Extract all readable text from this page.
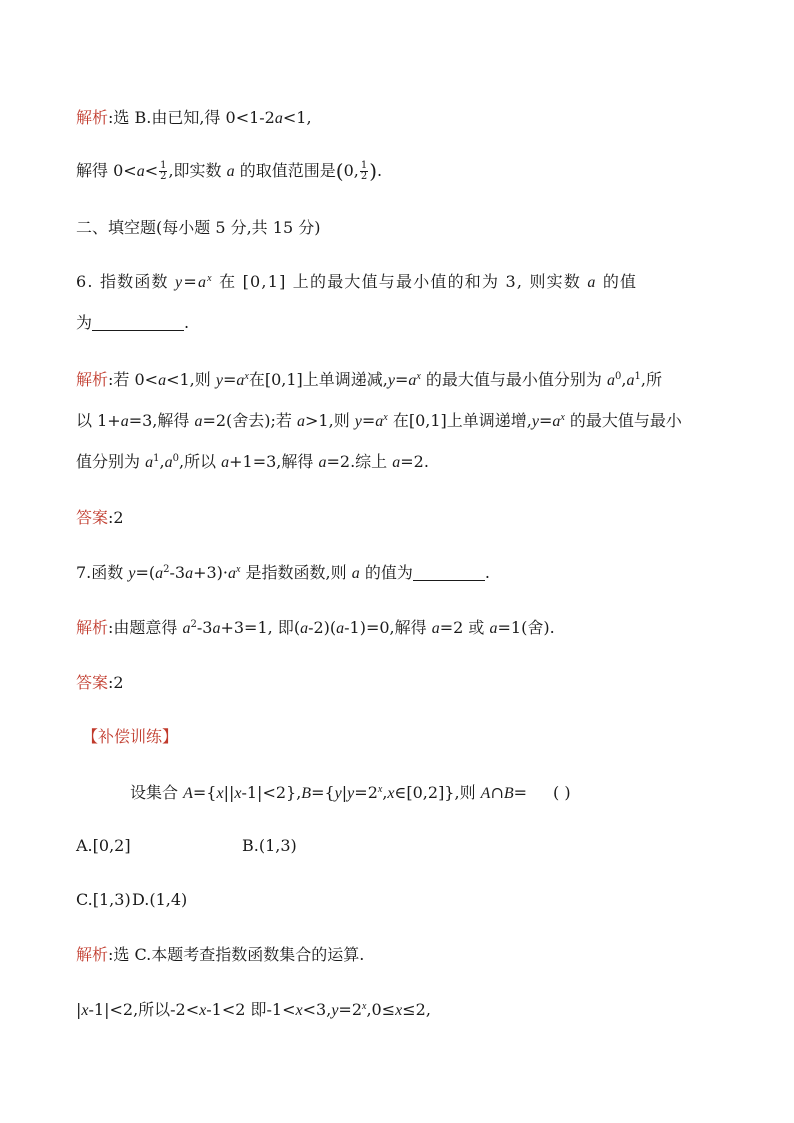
解析:选 B.由已知,得 0<1-2a<1,
解得 $0<a< \frac{1}{2}$ ,即实数 a 的取值范围是(0, $\frac{1}{2}$ ).
二、填空题(每小题 5 分,共 15 分)
6. 指数函数 $y=a^x$ 在 [0,1] 上的最大值与最小值的和为 3, 则实数 a 的值
为	.
解析:若 0<a<1,则 $y=a^x$在[0,1]上单调递减$,y=a^x$ 的最大值与最小值分别为 $a^0,a^1$,所
以 1+a=3,解得 a=2(舍去);若 a>1,则 $y=a^x$ 在[0,1]上单调递增$,y=a^x$ 的最大值与最小
值分别为 $a^1,a^0$,所以 a+1=3,解得 a=2.综上 a=2.
答案:2
7.函数 $y=(a^2-3a+3)\cdot a^x$ 是指数函数,则 a 的值为	.
解析:由题意得 $a^2-3a+3=1$, 即(a-2)(a-1)=0,解得 a=2 或 a=1(舍).
答案:2
【补偿训练】
设集合 $A=\{x||x-1|<2\},B=\{y|y=2^x,x\in[0,2]\}$,则 A∩B= ( )
A.[0,2]	B.(1,3)
C.[1,3) D.(1,4)
解析:选 C.本题考查指数函数集合的运算.
|x-1|<2,所以-2<x-1<2 即$-1<x<3,y=2^x,0\le x\le 2$,
